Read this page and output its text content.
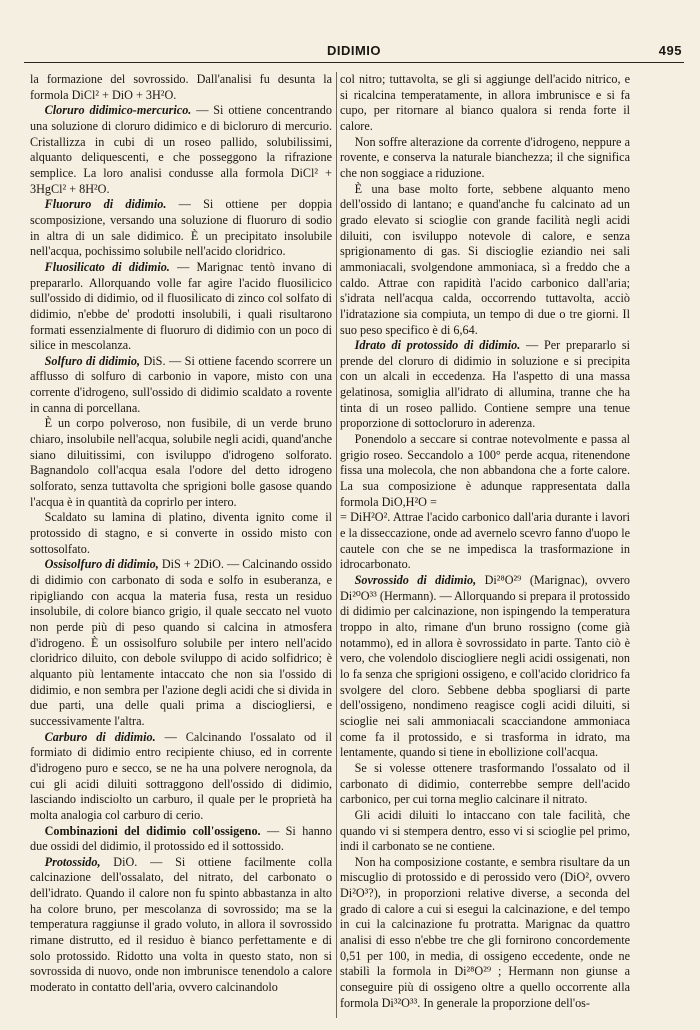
DIDIMIO	495

la formazione del sovrossido. Dall'analisi fu desunta la formola DiCl² + DiO + 3H²O.

Cloruro didimico-mercurico. — Si ottiene concentrando una soluzione di cloruro didimico e di bicloruro di mercurio. Cristallizza in cubi di un roseo pallido, solubilissimi, alquanto deliquescenti, e che posseggono la rifrazione semplice. La loro analisi condusse alla formola DiCl² + 3HgCl² + 8H²O.

Fluoruro di didimio. — Si ottiene per doppia scomposizione, versando una soluzione di fluoruro di sodio in altra di un sale didimico. È un precipitato insolubile nell'acqua, pochissimo solubile nell'acido cloridrico.

Fluosilicato di didimio. — Marignac tentò invano di prepararlo. Allorquando volle far agire l'acido fluosilicico sull'ossido di didimio, od il fluosilicato di zinco col solfato di didimio, n'ebbe de' prodotti insolubili, i quali risultarono formati essenzialmente di fluoruro di didimio con un poco di silice in mescolanza.

Solfuro di didimio, DiS. — Si ottiene facendo scorrere un afflusso di solfuro di carbonio in vapore, misto con una corrente d'idrogeno, sull'ossido di didimio scaldato a rovente in canna di porcellana.

È un corpo polveroso, non fusibile, di un verde bruno chiaro, insolubile nell'acqua, solubile negli acidi, quand'anche siano diluitissimi, con isviluppo d'idrogeno solforato. Bagnandolo coll'acqua esala l'odore del detto idrogeno solforato, senza tuttavolta che sprigioni bolle gasose quando l'acqua è in quantità da coprirlo per intero.

Scaldato su lamina di platino, diventa ignito come il protossido di stagno, e si converte in ossido misto con sottosolfato.

Ossisolfuro di didimio, DiS + 2DiO. — Calcinando ossido di didimio con carbonato di soda e solfo in esuberanza, e ripigliando con acqua la materia fusa, resta un residuo insolubile, di colore bianco grigio, il quale seccato nel vuoto non perde più di peso quando si calcina in atmosfera d'idrogeno. È un ossisolfuro solubile per intero nell'acido cloridrico diluito, con debole sviluppo di acido solfidrico; è alquanto più lentamente intaccato che non sia l'ossido di didimio, e non sembra per l'azione degli acidi che si divida in due parti, una delle quali prima a disciogliersi, e successivamente l'altra.

Carburo di didimio. — Calcinando l'ossalato od il formiato di didimio entro recipiente chiuso, ed in corrente d'idrogeno puro e secco, se ne ha una polvere nerognola, da cui gli acidi diluiti sottraggono dell'ossido di didimio, lasciando indisciolto un carburo, il quale per le proprietà ha molta analogia col carburo di cerio.

Combinazioni del didimio coll'ossigeno. — Si hanno due ossidi del didimio, il protossido ed il sottossido.

Protossido, DiO. — Si ottiene facilmente colla calcinazione dell'ossalato, del nitrato, del carbonato o dell'idrato. Quando il calore non fu spinto abbastanza in alto ha colore bruno, per mescolanza di sovrossido; ma se la temperatura raggiunse il grado voluto, in allora il sovrossido rimane distrutto, ed il residuo è bianco perfettamente e di solo protossido. Ridotto una volta in questo stato, non si sovrossida di nuovo, onde non imbrunisce tenendolo a calore moderato in contatto dell'aria, ovvero calcinandolo

col nitro; tuttavolta, se gli si aggiunge dell'acido nitrico, e si ricalcina temperatamente, in allora imbrunisce e si fa cupo, per ritornare al bianco qualora si renda forte il calore.

Non soffre alterazione da corrente d'idrogeno, neppure a rovente, e conserva la naturale bianchezza; il che significa che non soggiace a riduzione.

È una base molto forte, sebbene alquanto meno dell'ossido di lantano; e quand'anche fu calcinato ad un grado elevato si scioglie con grande facilità negli acidi diluiti, con isviluppo notevole di calore, e senza sprigionamento di gas. Si discioglie eziandio nei sali ammoniacali, svolgendone ammoniaca, sì a freddo che a caldo. Attrae con rapidità l'acido carbonico dall'aria; s'idrata nell'acqua calda, occorrendo tuttavolta, acciò l'idratazione sia compiuta, un tempo di due o tre giorni. Il suo peso specifico è di 6,64.

Idrato di protossido di didimio. — Per prepararlo si prende del cloruro di didimio in soluzione e si precipita con un alcali in eccedenza. Ha l'aspetto di una massa gelatinosa, somiglia all'idrato di allumina, tranne che ha tinta di un roseo pallido. Contiene sempre una tenue proporzione di sottocloruro in aderenza.

Ponendolo a seccare si contrae notevolmente e passa al grigio roseo. Seccandolo a 100° perde acqua, ritenendone fissa una molecola, che non abbandona che a forte calore. La sua composizione è adunque rappresentata dalla formola DiO,H²O =

= DiH²O². Attrae l'acido carbonico dall'aria durante i lavori e la disseccazione, onde ad avernelo scevro fanno d'uopo le cautele con che se ne impedisca la trasformazione in idrocarbonato.

Sovrossido di didimio, Di²⁸O²⁹ (Marignac), ovvero Di²⁰O³³ (Hermann). — Allorquando si prepara il protossido di didimio per calcinazione, non ispingendo la temperatura troppo in alto, rimane d'un bruno rossigno (come già notammo), ed in allora è sovrossidato in parte. Tanto ciò è vero, che volendolo disciogliere negli acidi ossigenati, non lo fa senza che sprigioni ossigeno, e coll'acido cloridrico fa svolgere del cloro. Sebbene debba spogliarsi di parte dell'ossigeno, nondimeno reagisce cogli acidi diluiti, si scioglie nei sali ammoniacali scacciandone ammoniaca come fa il protossido, e si trasforma in idrato, ma lentamente, quando si tiene in ebollizione coll'acqua.

Se si volesse ottenere trasformando l'ossalato od il carbonato di didimio, conterrebbe sempre dell'acido carbonico, per cui torna meglio calcinare il nitrato.

Gli acidi diluiti lo intaccano con tale facilità, che quando vi si stempera dentro, esso vi si scioglie pel primo, indi il carbonato se ne contiene.

Non ha composizione costante, e sembra risultare da un miscuglio di protossido e di perossido vero (DiO², ovvero Di²O³?), in proporzioni relative diverse, a seconda del grado di calore a cui si esegui la calcinazione, e del tempo in cui la calcinazione fu protratta. Marignac da quattro analisi di esso n'ebbe tre che gli fornirono concordemente 0,51 per 100, in media, di ossigeno eccedente, onde ne stabilì la formola in Di²⁸O²⁹ ; Hermann non giunse a conseguire più di ossigeno oltre a quello occorrente alla formola Di³²O³³. In generale la proporzione dell'os-
